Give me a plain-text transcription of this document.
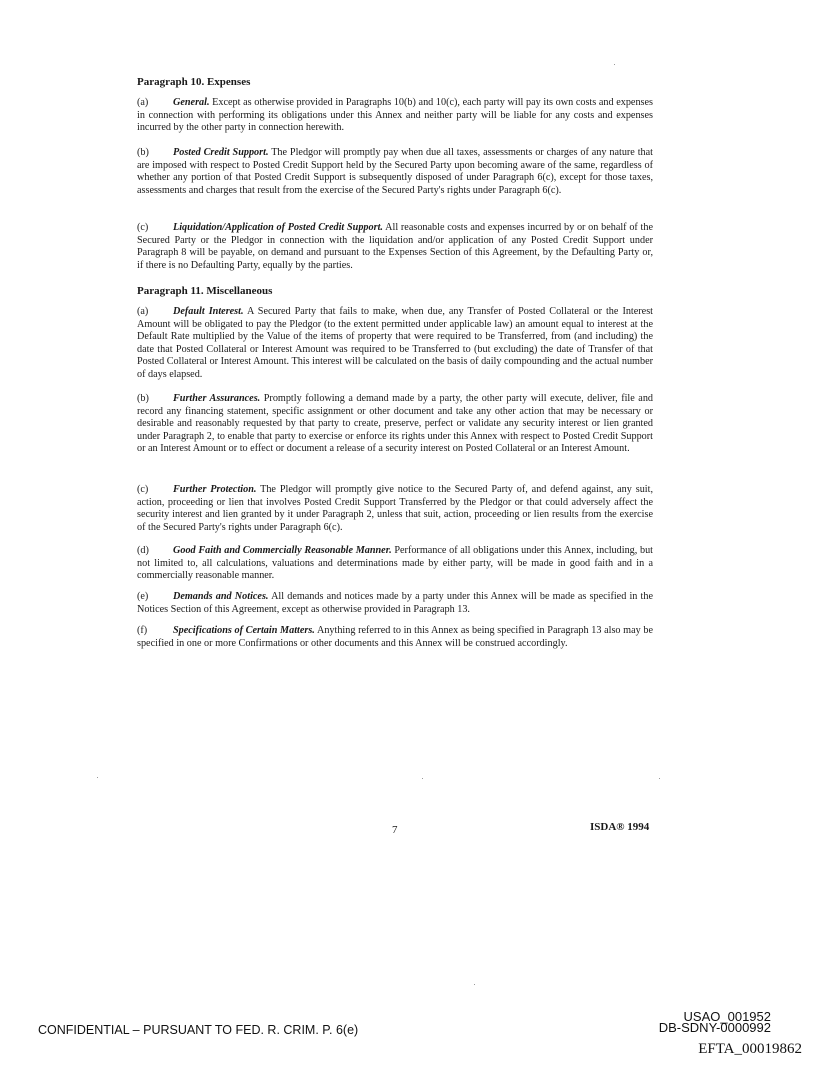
Paragraph 10. Expenses
(a) General. Except as otherwise provided in Paragraphs 10(b) and 10(c), each party will pay its own costs and expenses in connection with performing its obligations under this Annex and neither party will be liable for any costs and expenses incurred by the other party in connection herewith.
(b) Posted Credit Support. The Pledgor will promptly pay when due all taxes, assessments or charges of any nature that are imposed with respect to Posted Credit Support held by the Secured Party upon becoming aware of the same, regardless of whether any portion of that Posted Credit Support is subsequently disposed of under Paragraph 6(c), except for those taxes, assessments and charges that result from the exercise of the Secured Party's rights under Paragraph 6(c).
(c) Liquidation/Application of Posted Credit Support. All reasonable costs and expenses incurred by or on behalf of the Secured Party or the Pledgor in connection with the liquidation and/or application of any Posted Credit Support under Paragraph 8 will be payable, on demand and pursuant to the Expenses Section of this Agreement, by the Defaulting Party or, if there is no Defaulting Party, equally by the parties.
Paragraph 11. Miscellaneous
(a) Default Interest. A Secured Party that fails to make, when due, any Transfer of Posted Collateral or the Interest Amount will be obligated to pay the Pledgor (to the extent permitted under applicable law) an amount equal to interest at the Default Rate multiplied by the Value of the items of property that were required to be Transferred, from (and including) the date that Posted Collateral or Interest Amount was required to be Transferred to (but excluding) the date of Transfer of that Posted Collateral or Interest Amount. This interest will be calculated on the basis of daily compounding and the actual number of days elapsed.
(b) Further Assurances. Promptly following a demand made by a party, the other party will execute, deliver, file and record any financing statement, specific assignment or other document and take any other action that may be necessary or desirable and reasonably requested by that party to create, preserve, perfect or validate any security interest or lien granted under Paragraph 2, to enable that party to exercise or enforce its rights under this Annex with respect to Posted Credit Support or an Interest Amount or to effect or document a release of a security interest on Posted Collateral or an Interest Amount.
(c) Further Protection. The Pledgor will promptly give notice to the Secured Party of, and defend against, any suit, action, proceeding or lien that involves Posted Credit Support Transferred by the Pledgor or that could adversely affect the security interest and lien granted by it under Paragraph 2, unless that suit, action, proceeding or lien results from the exercise of the Secured Party's rights under Paragraph 6(c).
(d) Good Faith and Commercially Reasonable Manner. Performance of all obligations under this Annex, including, but not limited to, all calculations, valuations and determinations made by either party, will be made in good faith and in a commercially reasonable manner.
(e) Demands and Notices. All demands and notices made by a party under this Annex will be made as specified in the Notices Section of this Agreement, except as otherwise provided in Paragraph 13.
(f)	Specifications of Certain Matters. Anything referred to in this Annex as being specified in Paragraph 13 also may be specified in one or more Confirmations or other documents and this Annex will be construed accordingly.
7	ISDA® 1994
CONFIDENTIAL – PURSUANT TO FED. R. CRIM. P. 6(e)
USAO_001952
DB-SDNY-0000992
EFTA_00019862
